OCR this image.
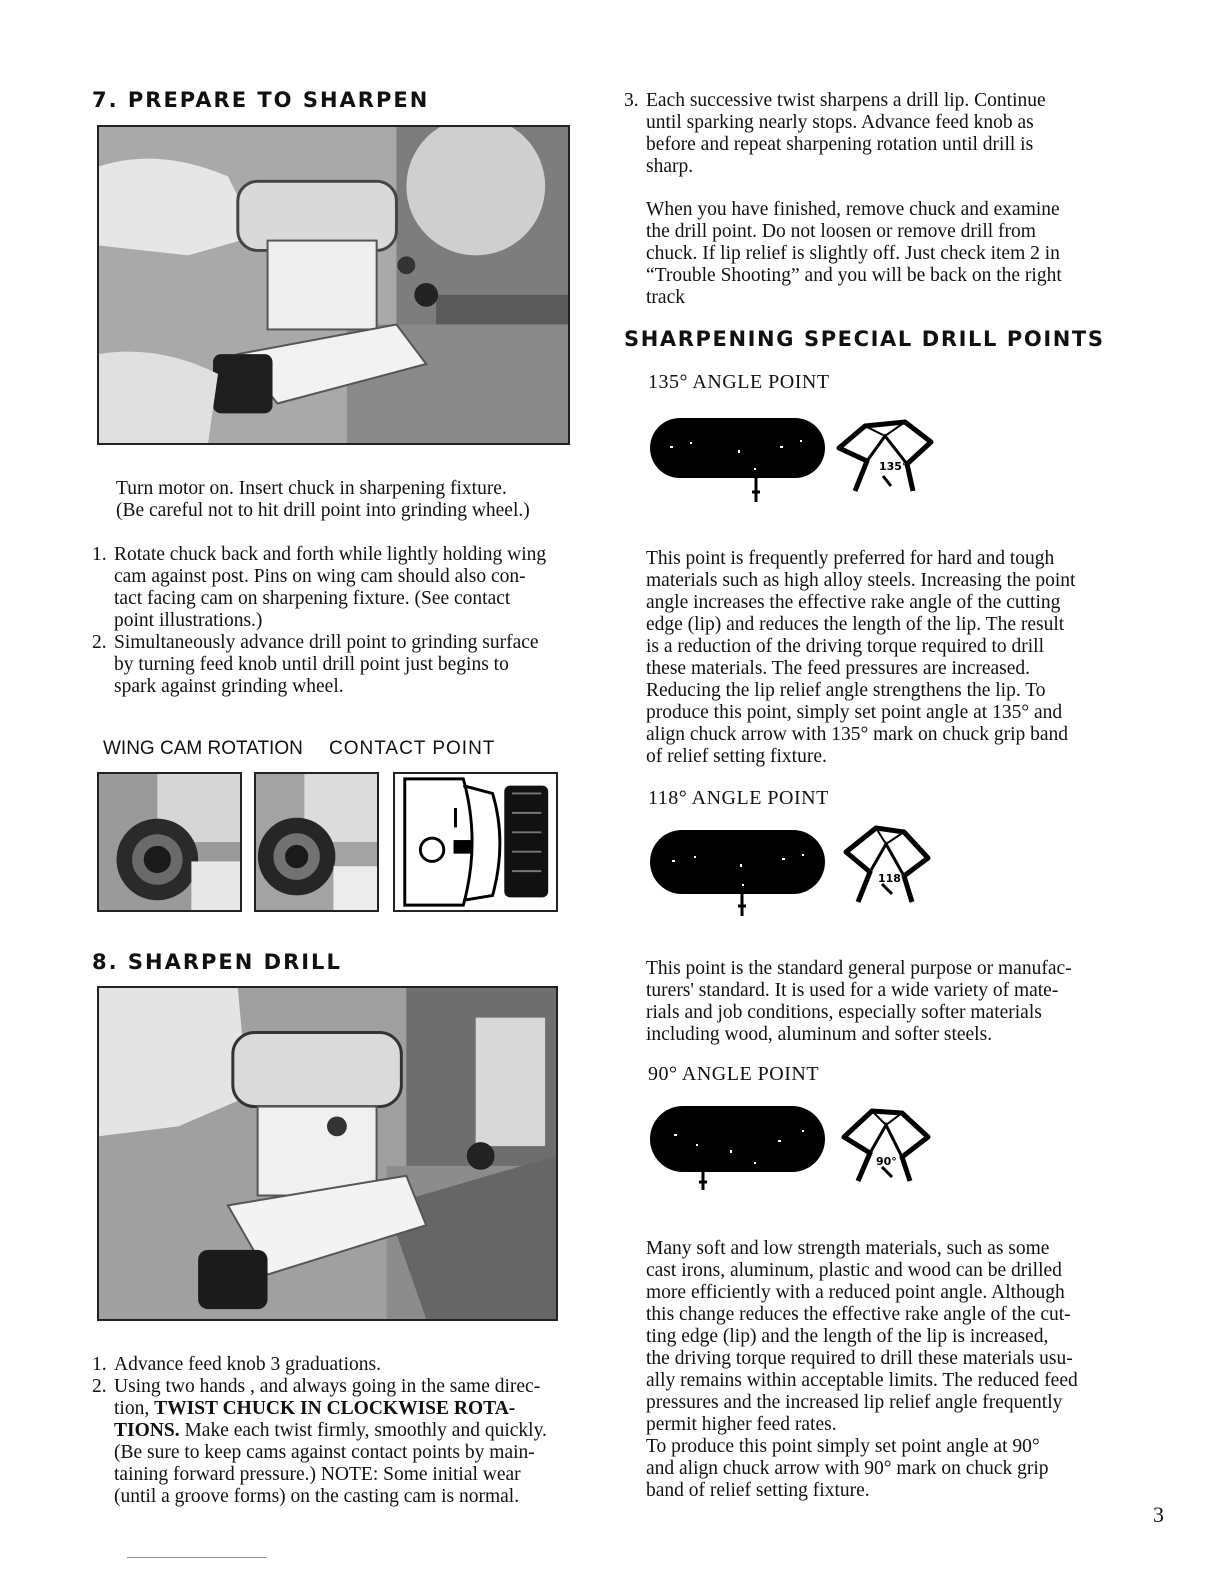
7. PREPARE TO SHARPEN
Turn motor on. Insert chuck in sharpening fixture.
(Be careful not to hit drill point into grinding wheel.)
1. Rotate chuck back and forth while lightly holding wing
cam against post. Pins on wing cam should also con-
tact facing cam on sharpening fixture. (See contact
point illustrations.)
2. Simultaneously advance drill point to grinding surface
by turning feed knob until drill point just begins to
spark against grinding wheel.
WING CAM ROTATION CONTACT POINT
8. SHARPEN DRILL
1. Advance feed knob 3 graduations.
2. Using two hands , and always going in the same direc-
tion, TWIST CHUCK IN CLOCKWISE ROTA-
TIONS. Make each twist firmly, smoothly and quickly.
(Be sure to keep cams against contact points by main-
taining forward pressure.) NOTE: Some initial wear
(until a groove forms) on the casting cam is normal.
3. Each successive twist sharpens a drill lip. Continue
until sparking nearly stops. Advance feed knob as
before and repeat sharpening rotation until drill is
sharp.
When you have finished, remove chuck and examine
the drill point. Do not loosen or remove drill from
chuck. If lip relief is slightly off. Just check item 2 in
“Trouble Shooting” and you will be back on the right
track
SHARPENING SPECIAL DRILL POINTS
135° ANGLE POINT
135°
This point is frequently preferred for hard and tough
materials such as high alloy steels. Increasing the point
angle increases the effective rake angle of the cutting
edge (lip) and reduces the length of the lip. The result
is a reduction of the driving torque required to drill
these materials. The feed pressures are increased.
Reducing the lip relief angle strengthens the lip. To
produce this point, simply set point angle at 135° and
align chuck arrow with 135° mark on chuck grip band
of relief setting fixture.
118° ANGLE POINT
118
This point is the standard general purpose or manufac-
turers' standard. It is used for a wide variety of mate-
rials and job conditions, especially softer materials
including wood, aluminum and softer steels.
90° ANGLE POINT
90°
Many soft and low strength materials, such as some
cast irons, aluminum, plastic and wood can be drilled
more efficiently with a reduced point angle. Although
this change reduces the effective rake angle of the cut-
ting edge (lip) and the length of the lip is increased,
the driving torque required to drill these materials usu-
ally remains within acceptable limits. The reduced feed
pressures and the increased lip relief angle frequently
permit higher feed rates.
To produce this point simply set point angle at 90°
and align chuck arrow with 90° mark on chuck grip
band of relief setting fixture.
3
